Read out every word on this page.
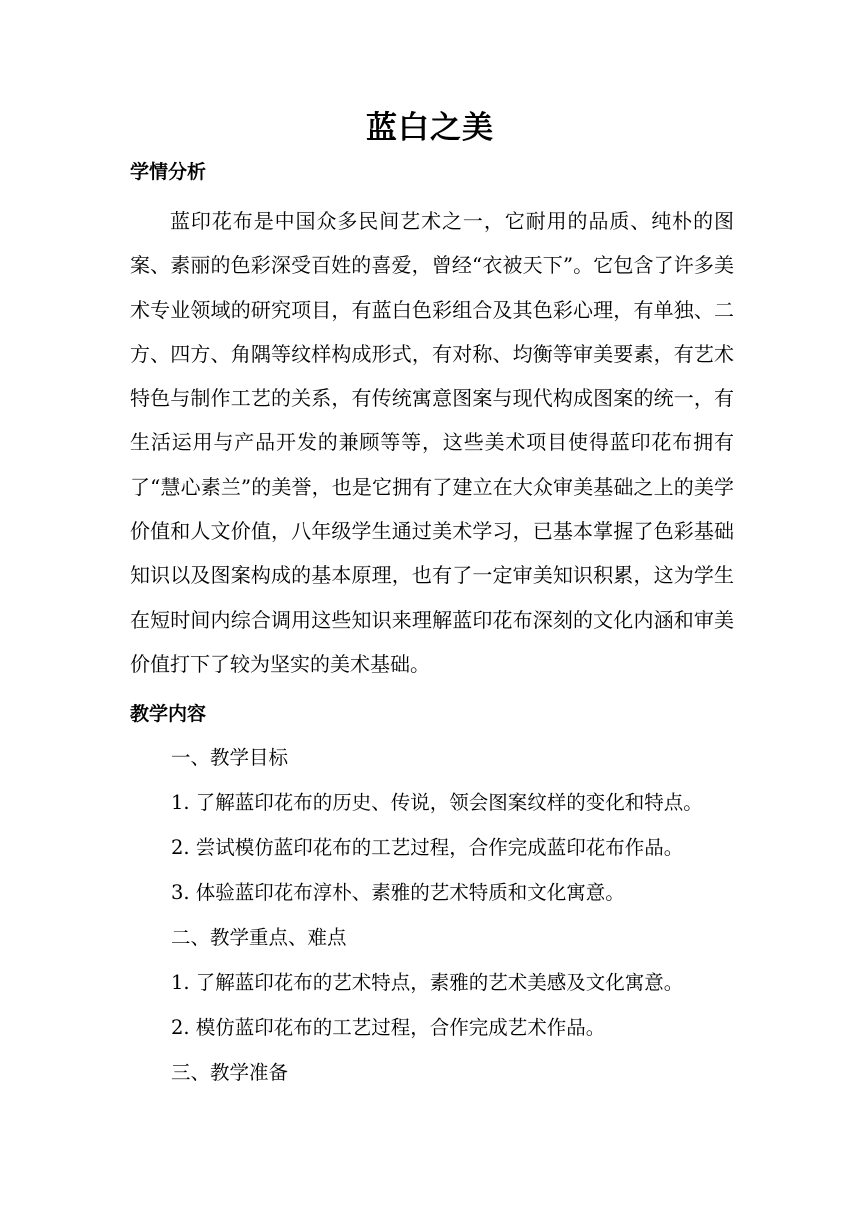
蓝白之美
学情分析

蓝印花布是中国众多民间艺术之一，它耐用的品质、纯朴的图案、素丽的色彩深受百姓的喜爱，曾经“衣被天下”。它包含了许多美术专业领域的研究项目，有蓝白色彩组合及其色彩心理，有单独、二方、四方、角隅等纹样构成形式，有对称、均衡等审美要素，有艺术特色与制作工艺的关系，有传统寓意图案与现代构成图案的统一，有生活运用与产品开发的兼顾等等，这些美术项目使得蓝印花布拥有了“慧心素兰”的美誉，也是它拥有了建立在大众审美基础之上的美学价值和人文价值，八年级学生通过美术学习，已基本掌握了色彩基础知识以及图案构成的基本原理，也有了一定审美知识积累，这为学生在短时间内综合调用这些知识来理解蓝印花布深刻的文化内涵和审美价值打下了较为坚实的美术基础。

教学内容
一、教学目标
1. 了解蓝印花布的历史、传说，领会图案纹样的变化和特点。
2. 尝试模仿蓝印花布的工艺过程，合作完成蓝印花布作品。
3. 体验蓝印花布淳朴、素雅的艺术特质和文化寓意。
二、教学重点、难点
1. 了解蓝印花布的艺术特点，素雅的艺术美感及文化寓意。
2. 模仿蓝印花布的工艺过程，合作完成艺术作品。
三、教学准备
